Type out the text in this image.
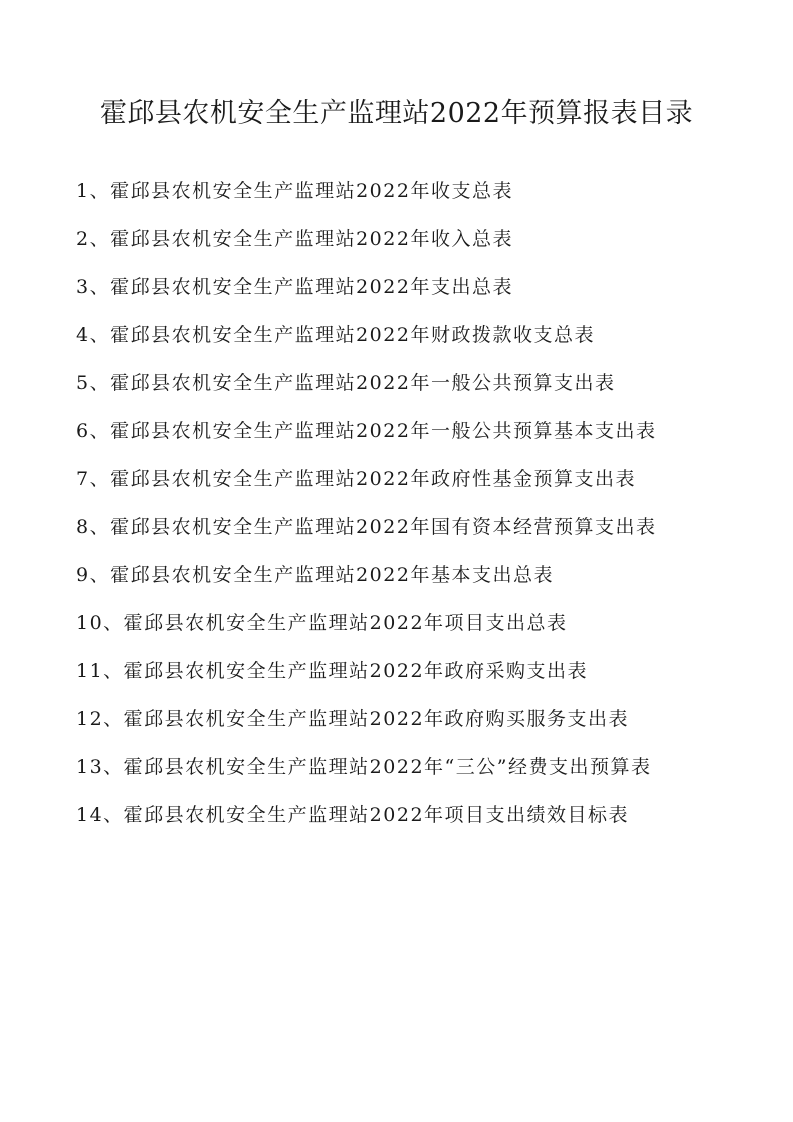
霍邱县农机安全生产监理站2022年预算报表目录
1、霍邱县农机安全生产监理站2022年收支总表
2、霍邱县农机安全生产监理站2022年收入总表
3、霍邱县农机安全生产监理站2022年支出总表
4、霍邱县农机安全生产监理站2022年财政拨款收支总表
5、霍邱县农机安全生产监理站2022年一般公共预算支出表
6、霍邱县农机安全生产监理站2022年一般公共预算基本支出表
7、霍邱县农机安全生产监理站2022年政府性基金预算支出表
8、霍邱县农机安全生产监理站2022年国有资本经营预算支出表
9、霍邱县农机安全生产监理站2022年基本支出总表
10、霍邱县农机安全生产监理站2022年项目支出总表
11、霍邱县农机安全生产监理站2022年政府采购支出表
12、霍邱县农机安全生产监理站2022年政府购买服务支出表
13、霍邱县农机安全生产监理站2022年“三公”经费支出预算表
14、霍邱县农机安全生产监理站2022年项目支出绩效目标表
